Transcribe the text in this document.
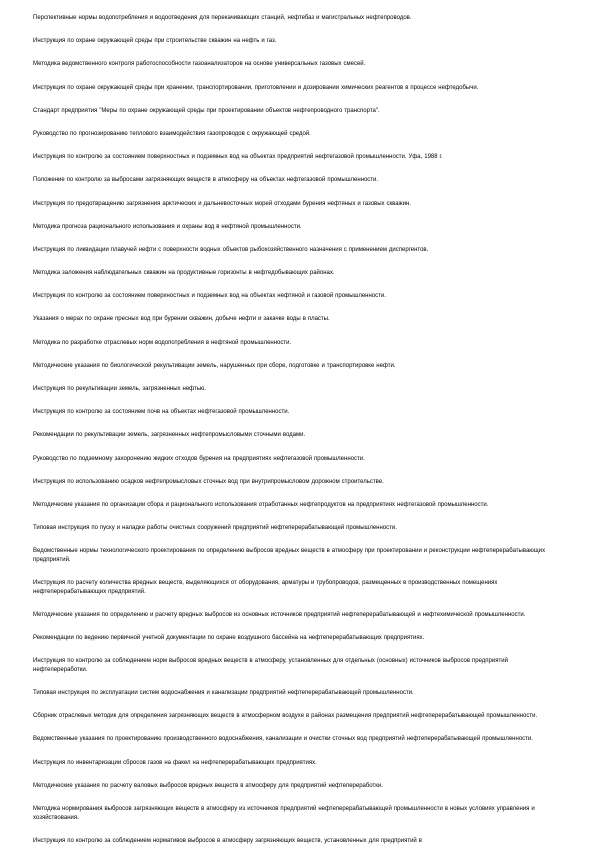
Перспективные нормы водопотребления и водоотведения для перекачивающих станций, нефтебаз и магистральных нефтепроводов.
Инструкция по охране окружающей среды при строительстве скважин на нефть и газ.
Методика ведомственного контроля работоспособности газоанализаторов на основе универсальных газовых смесей.
Инструкция по охране окружающей среды при хранении, транспортировании, приготовлении и дозировании химических реагентов в процессе нефтедобычи.
Стандарт предприятия "Меры по охране окружающей среды при проектировании объектов нефтепроводного транспорта".
Руководство по прогнозированию теплового взаимодействия газопроводов с окружающей средой.
Инструкция по контролю за состоянием поверхностных и подземных вод на объектах предприятий нефтегазовой промышленности. Уфа, 1988 г.
Положение по контролю за выбросами загрязняющих веществ в атмосферу на объектах нефтегазовой промышленности.
Инструкция по предотвращению загрязнения арктических и дальневосточных морей отходами бурения нефтяных и газовых скважин.
Методика прогноза рационального использования и охраны вод в нефтяной промышленности.
Инструкция по ликвидации плавучей нефти с поверхности водных объектов рыбохозяйственного назначения с применением диспергентов.
Методика заложения наблюдательных скважин на продуктивные горизонты в нефтедобывающих районах.
Инструкция по контролю за состоянием поверхностных и подземных вод на объектах нефтяной и газовой промышленности.
Указания о мерах по охране пресных вод при бурении скважин, добыче нефти и закачке воды в пласты.
Методика по разработке отраслевых норм водопотребления в нефтяной промышленности.
Методические указания по биологической рекультивации земель, нарушенных при сборе, подготовке и транспортировке нефти.
Инструкция по рекультивации земель, загрязненных нефтью.
Инструкция по контролю за состоянием почв на объектах нефтегазовой промышленности.
Рекомендации по рекультивации земель, загрязненных нефтепромысловыми сточными водами.
Руководство по подземному захоронению жидких отходов бурения на предприятиях нефтегазовой промышленности.
Инструкция по использованию осадков нефтепромысловых сточных вод при внутрипромысловом дорожном строительстве.
Методические указания по организации сбора и рационального использования отработанных нефтепродуктов на предприятиях нефтегазовой промышленности.
Типовая инструкция по пуску и наладке работы очистных сооружений предприятий нефтеперерабатывающей промышленности.
Ведомственные нормы технологического проектирования по определению выбросов вредных веществ в атмосферу при проектировании и реконструкции нефтеперерабатывающих предприятий.
Инструкция по расчету количества вредных веществ, выделяющихся от оборудования, арматуры и трубопроводов, размещенных в производственных помещениях нефтеперерабатывающих предприятий.
Методические указания по определению и расчету вредных выбросов из основных источников предприятий нефтеперерабатывающей и нефтехимической промышленности.
Рекомендации по ведению первичной учетной документации по охране воздушного бассейна на нефтеперерабатывающих предприятиях.
Инструкция по контролю за соблюдением норм выбросов вредных веществ в атмосферу, установленных для отдельных (основных) источников выбросов предприятий нефтепереработки.
Типовая инструкция по эксплуатации систем водоснабжения и канализации предприятий нефтеперерабатывающей промышленности.
Сборник отраслевых методик для определения загрязняющих веществ в атмосферном воздухе в районах размещения предприятий нефтеперерабатывающей промышленности.
Ведомственные указания по проектированию производственного водоснабжения, канализации и очистки сточных вод предприятий нефтеперерабатывающей промышленности.
Инструкция по инвентаризации сбросов газов на факел на нефтеперерабатывающих предприятиях.
Методические указания по расчету валовых выбросов вредных веществ в атмосферу для предприятий нефтепереработки.
Методика нормирования выбросов загрязняющих веществ в атмосферу из источников предприятий нефтеперерабатывающей промышленности в новых условиях управления и хозяйствования.
Инструкция по контролю за соблюдением нормативов выбросов в атмосферу загрязняющих веществ, установленных для предприятий в
